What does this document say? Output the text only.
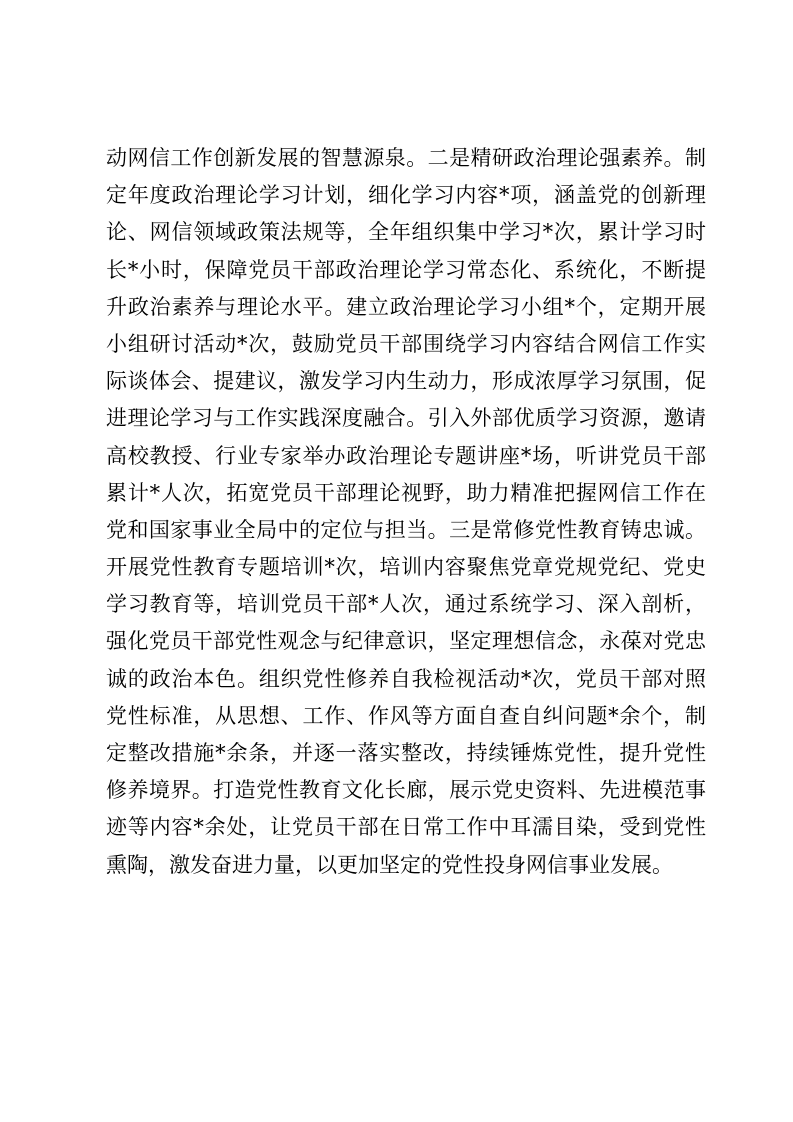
动网信工作创新发展的智慧源泉。二是精研政治理论强素养。制
定年度政治理论学习计划，细化学习内容*项，涵盖党的创新理
论、网信领域政策法规等，全年组织集中学习*次，累计学习时
长*小时，保障党员干部政治理论学习常态化、系统化，不断提
升政治素养与理论水平。建立政治理论学习小组*个，定期开展
小组研讨活动*次，鼓励党员干部围绕学习内容结合网信工作实
际谈体会、提建议，激发学习内生动力，形成浓厚学习氛围，促
进理论学习与工作实践深度融合。引入外部优质学习资源，邀请
高校教授、行业专家举办政治理论专题讲座*场，听讲党员干部
累计*人次，拓宽党员干部理论视野，助力精准把握网信工作在
党和国家事业全局中的定位与担当。三是常修党性教育铸忠诚。
开展党性教育专题培训*次，培训内容聚焦党章党规党纪、党史
学习教育等，培训党员干部*人次，通过系统学习、深入剖析，
强化党员干部党性观念与纪律意识，坚定理想信念，永葆对党忠
诚的政治本色。组织党性修养自我检视活动*次，党员干部对照
党性标准，从思想、工作、作风等方面自查自纠问题*余个，制
定整改措施*余条，并逐一落实整改，持续锤炼党性，提升党性
修养境界。打造党性教育文化长廊，展示党史资料、先进模范事
迹等内容*余处，让党员干部在日常工作中耳濡目染，受到党性
熏陶，激发奋进力量，以更加坚定的党性投身网信事业发展。
